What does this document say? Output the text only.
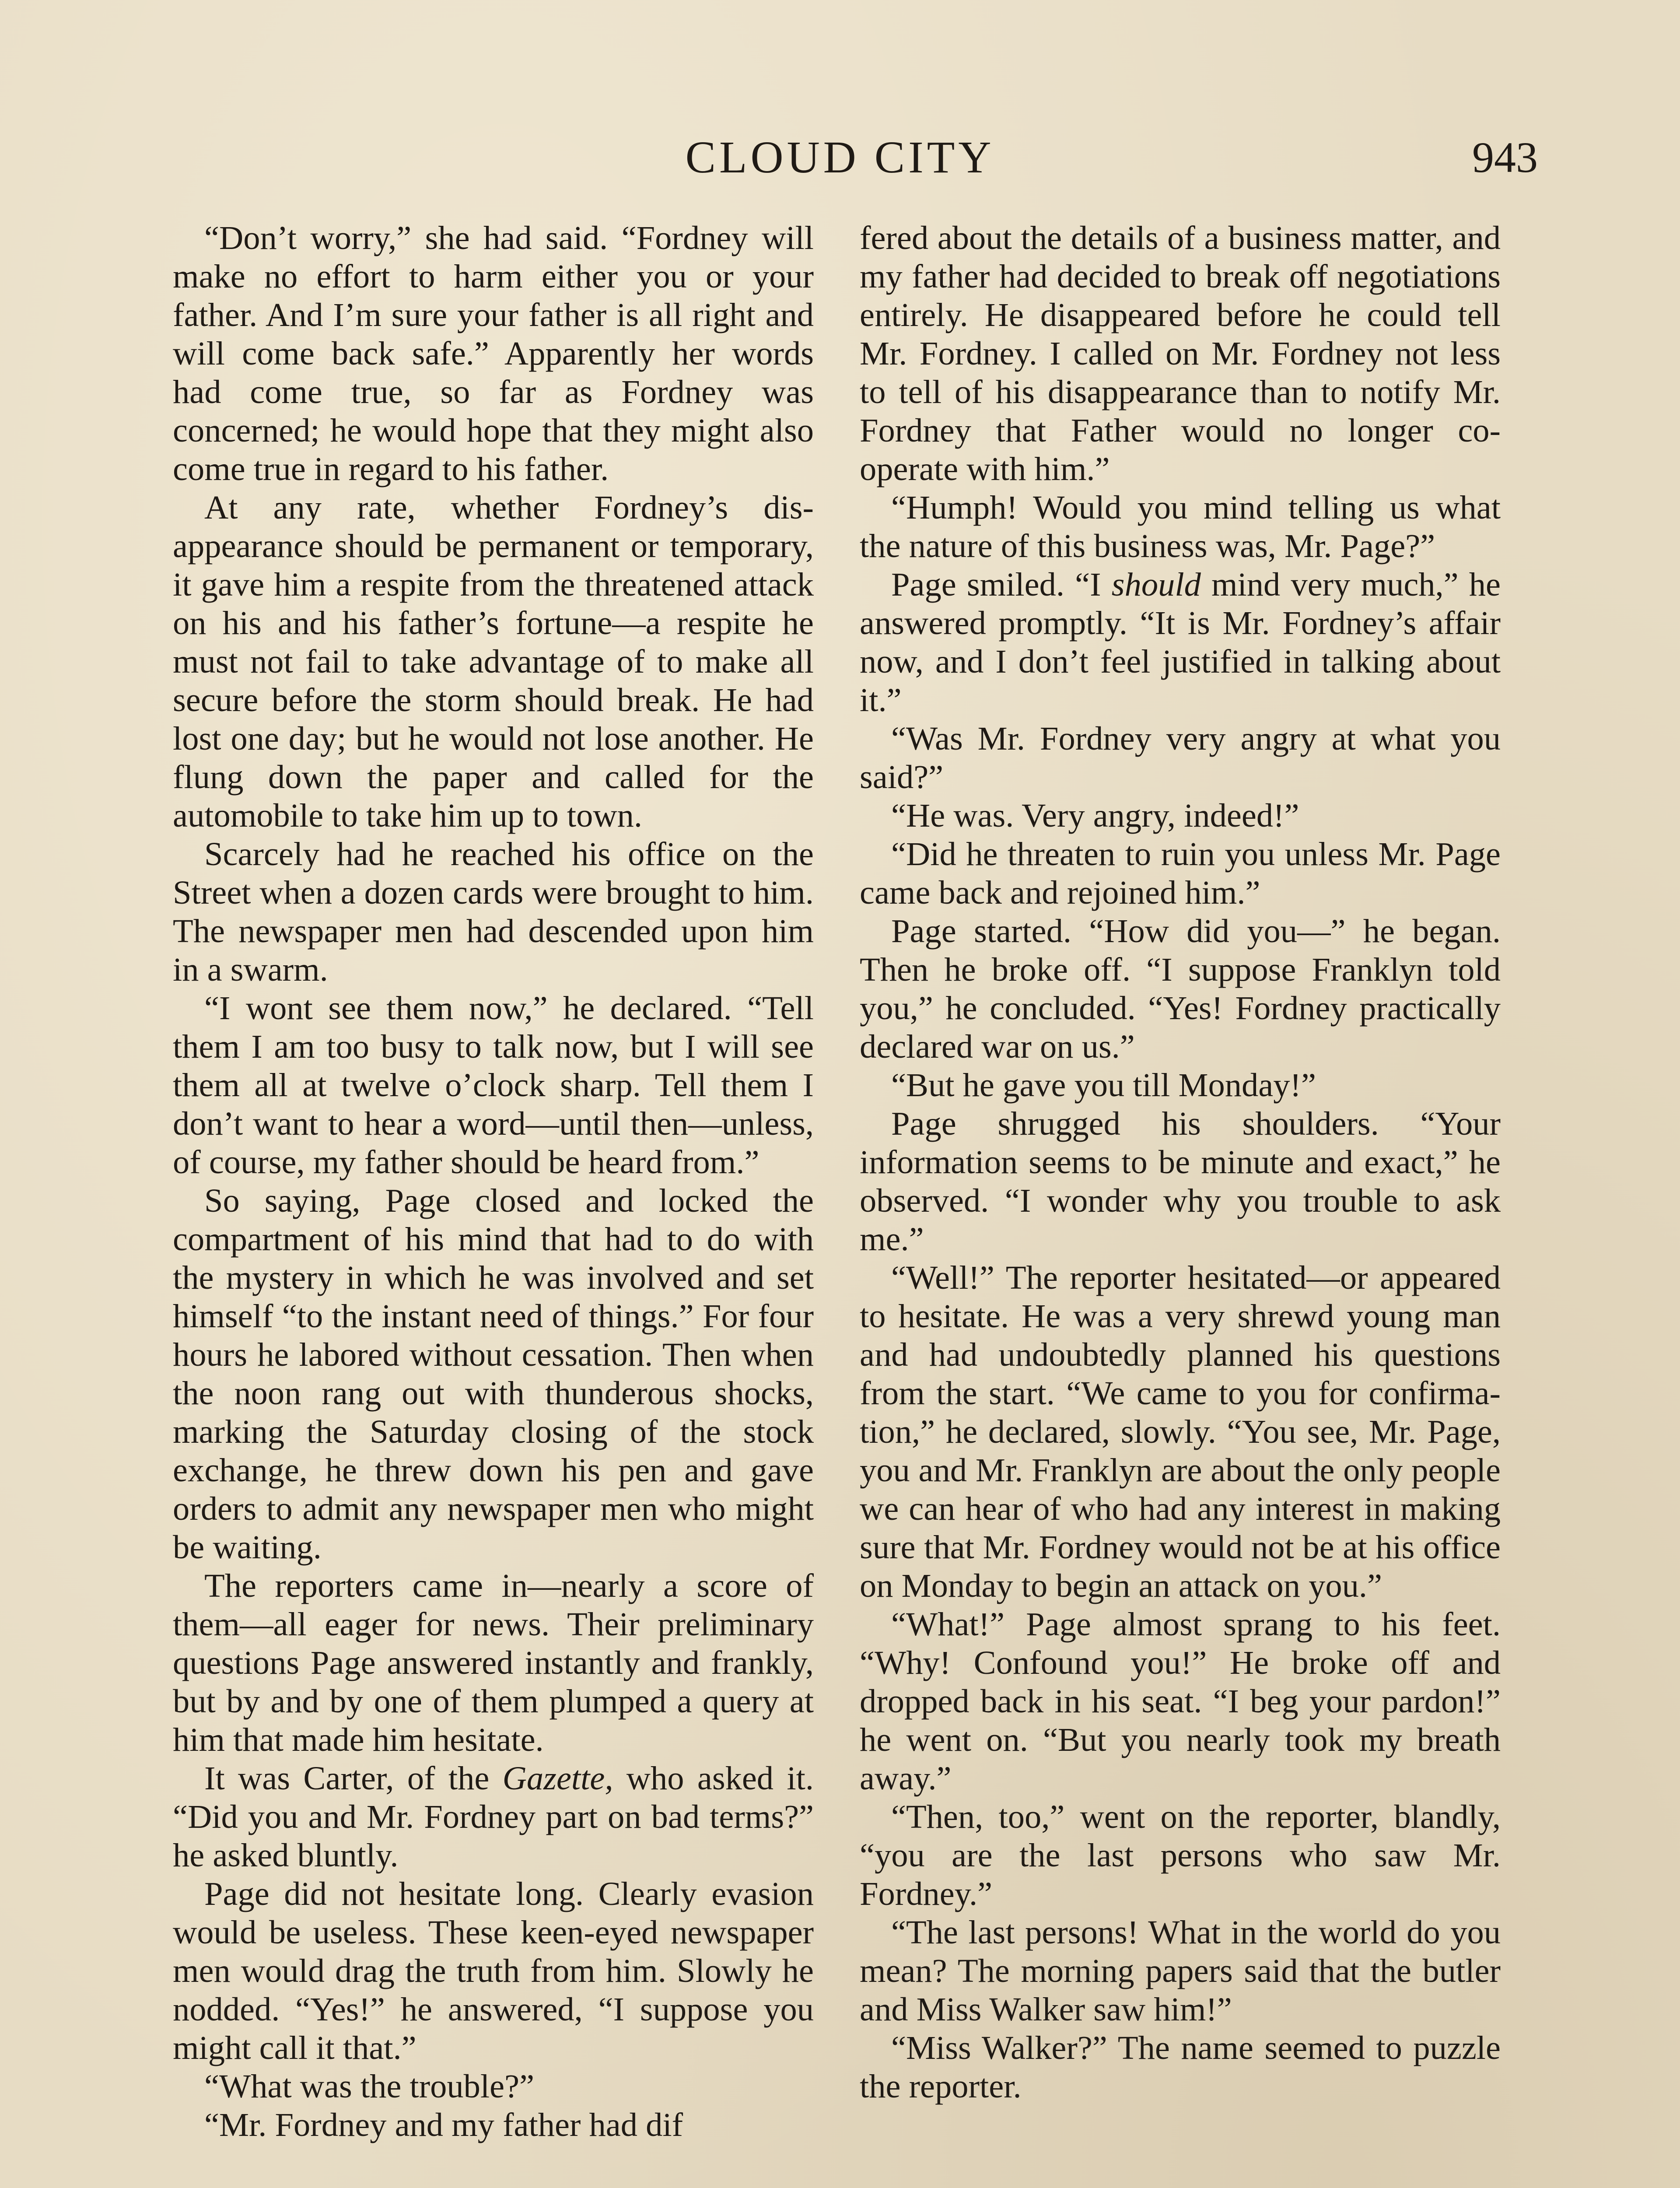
CLOUD CITY	943

“Don’t worry,” she had said. “Fordney will make no effort to harm either you or your father. And I’m sure your father is all right and will come back safe.” Apparently her words had come true, so far as Fordney was concerned; he would hope that they might also come true in regard to his father.

At any rate, whether Fordney’s disappearance should be permanent or temporary, it gave him a respite from the threatened attack on his and his father’s fortune—a respite he must not fail to take advantage of to make all secure before the storm should break. He had lost one day; but he would not lose another. He flung down the paper and called for the automobile to take him up to town.

Scarcely had he reached his office on the Street when a dozen cards were brought to him. The newspaper men had descended upon him in a swarm.

“I wont see them now,” he declared. “Tell them I am too busy to talk now, but I will see them all at twelve o’clock sharp. Tell them I don’t want to hear a word—until then—unless, of course, my father should be heard from.”

So saying, Page closed and locked the compartment of his mind that had to do with the mystery in which he was involved and set himself “to the instant need of things.” For four hours he labored without cessation. Then when the noon rang out with thunderous shocks, marking the Saturday closing of the stock exchange, he threw down his pen and gave orders to admit any newspaper men who might be waiting.

The reporters came in—nearly a score of them—all eager for news. Their preliminary questions Page answered instantly and frankly, but by and by one of them plumped a query at him that made him hesitate.

It was Carter, of the Gazette, who asked it. “Did you and Mr. Fordney part on bad terms?” he asked bluntly.

Page did not hesitate long. Clearly evasion would be useless. These keen-eyed newspaper men would drag the truth from him. Slowly he nodded. “Yes!” he answered, “I suppose you might call it that.”

“What was the trouble?”

“Mr. Fordney and my father had dif

fered about the details of a business matter, and my father had decided to break off negotiations entirely. He disappeared before he could tell Mr. Fordney. I called on Mr. Fordney not less to tell of his disappearance than to notify Mr. Fordney that Father would no longer co-operate with him.”

“Humph! Would you mind telling us what the nature of this business was, Mr. Page?”

Page smiled. “I should mind very much,” he answered promptly. “It is Mr. Fordney’s affair now, and I don’t feel justified in talking about it.”

“Was Mr. Fordney very angry at what you said?”

“He was. Very angry, indeed!”

“Did he threaten to ruin you unless Mr. Page came back and rejoined him.”

Page started. “How did you—” he began. Then he broke off. “I suppose Franklyn told you,” he concluded. “Yes! Fordney practically declared war on us.”

“But he gave you till Monday!”

Page shrugged his shoulders. “Your information seems to be minute and exact,” he observed. “I wonder why you trouble to ask me.”

“Well!” The reporter hesitated—or appeared to hesitate. He was a very shrewd young man and had undoubtedly planned his questions from the start. “We came to you for confirmation,” he declared, slowly. “You see, Mr. Page, you and Mr. Franklyn are about the only people we can hear of who had any interest in making sure that Mr. Fordney would not be at his office on Monday to begin an attack on you.”

“What!” Page almost sprang to his feet. “Why! Confound you!” He broke off and dropped back in his seat. “I beg your pardon!” he went on. “But you nearly took my breath away.”

“Then, too,” went on the reporter, blandly, “you are the last persons who saw Mr. Fordney.”

“The last persons! What in the world do you mean? The morning papers said that the butler and Miss Walker saw him!”

“Miss Walker?” The name seemed to puzzle the reporter.
